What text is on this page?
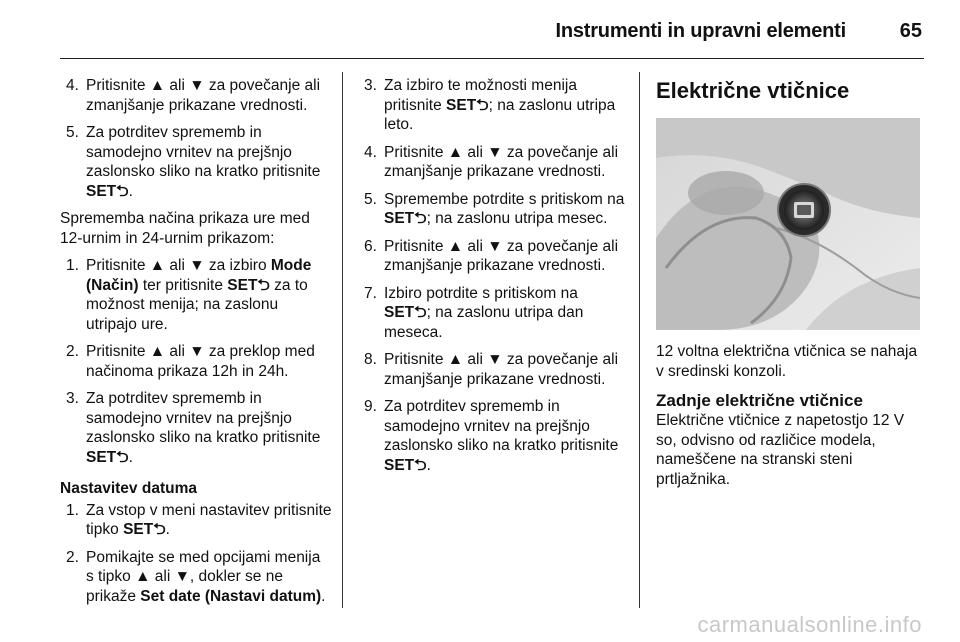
Instrumenti in upravni elementi	65
4. Pritisnite ▲ ali ▼ za povečanje ali zmanjšanje prikazane vrednosti.
5. Za potrditev sprememb in samodejno vrnitev na prejšnjo zaslonsko sliko na kratko pritisnite SET⮌.
Sprememba načina prikaza ure med 12-urnim in 24-urnim prikazom:
1. Pritisnite ▲ ali ▼ za izbiro Mode (Način) ter pritisnite SET⮌ za to možnost menija; na zaslonu utripajo ure.
2. Pritisnite ▲ ali ▼ za preklop med načinoma prikaza 12h in 24h.
3. Za potrditev sprememb in samodejno vrnitev na prejšnjo zaslonsko sliko na kratko pritisnite SET⮌.
Nastavitev datuma
1. Za vstop v meni nastavitev pritisnite tipko SET⮌.
2. Pomikajte se med opcijami menija s tipko ▲ ali ▼, dokler se ne prikaže Set date (Nastavi datum).
3. Za izbiro te možnosti menija pritisnite SET⮌; na zaslonu utripa leto.
4. Pritisnite ▲ ali ▼ za povečanje ali zmanjšanje prikazane vrednosti.
5. Spremembe potrdite s pritiskom na SET⮌; na zaslonu utripa mesec.
6. Pritisnite ▲ ali ▼ za povečanje ali zmanjšanje prikazane vrednosti.
7. Izbiro potrdite s pritiskom na SET⮌; na zaslonu utripa dan meseca.
8. Pritisnite ▲ ali ▼ za povečanje ali zmanjšanje prikazane vrednosti.
9. Za potrditev sprememb in samodejno vrnitev na prejšnjo zaslonsko sliko na kratko pritisnite SET⮌.
Električne vtičnice
12 voltna električna vtičnica se nahaja v sredinski konzoli.
Zadnje električne vtičnice
Električne vtičnice z napetostjo 12 V so, odvisno od različice modela, nameščene na stranski steni prtljažnika.
carmanualsonline.info
